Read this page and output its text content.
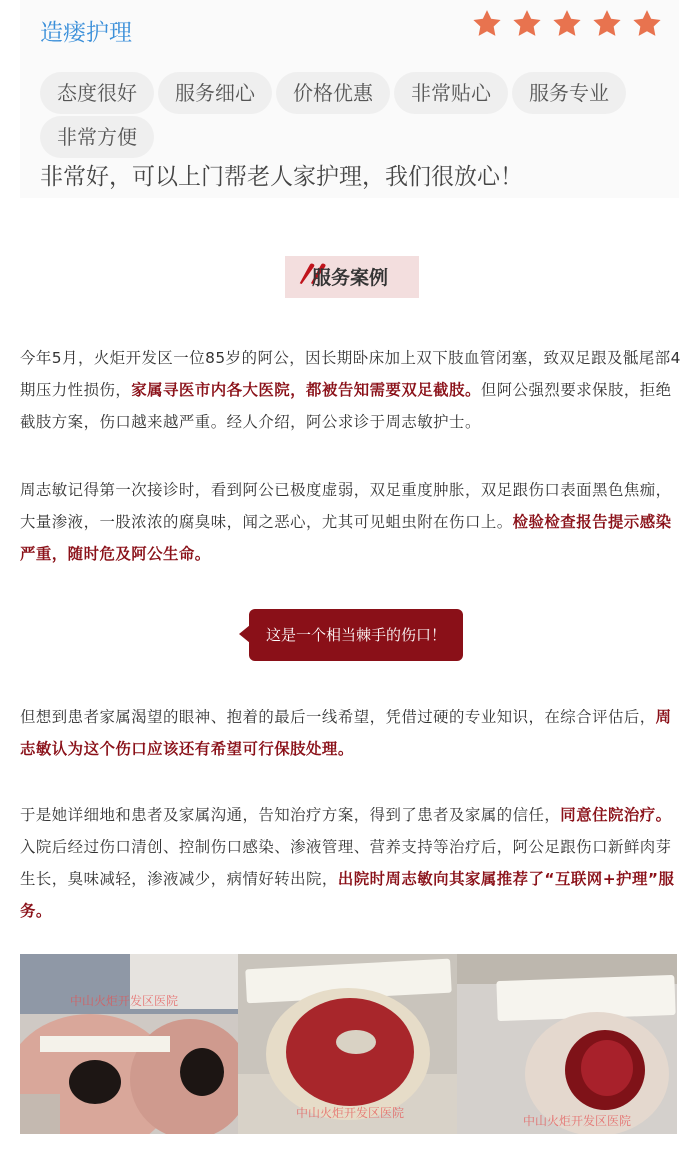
造瘘护理
态度很好	服务细心	价格优惠	非常贴心	服务专业
非常方便
非常好，可以上门帮老人家护理，我们很放心！
〃
服务案例
今年5月，火炬开发区一位85岁的阿公，因长期卧床加上双下肢血管闭塞，致双足跟及骶尾部4期压力性损伤，家属寻医市内各大医院，都被告知需要双足截肢。但阿公强烈要求保肢，拒绝截肢方案，伤口越来越严重。经人介绍，阿公求诊于周志敏护士。
周志敏记得第一次接诊时，看到阿公已极度虚弱，双足重度肿胀，双足跟伤口表面黑色焦痂，大量渗液，一股浓浓的腐臭味，闻之恶心，尤其可见蛆虫附在伤口上。检验检查报告提示感染严重，随时危及阿公生命。
这是一个相当棘手的伤口！
但想到患者家属渴望的眼神、抱着的最后一线希望，凭借过硬的专业知识，在综合评估后，周志敏认为这个伤口应该还有希望可行保肢处理。
于是她详细地和患者及家属沟通，告知治疗方案，得到了患者及家属的信任，同意住院治疗。入院后经过伤口清创、控制伤口感染、渗液管理、营养支持等治疗后，阿公足跟伤口新鲜肉芽生长，臭味减轻，渗液减少，病情好转出院，出院时周志敏向其家属推荐了“互联网+护理”服务。
中山火炬开发区医院
中山火炬开发区医院
中山火炬开发区医院
